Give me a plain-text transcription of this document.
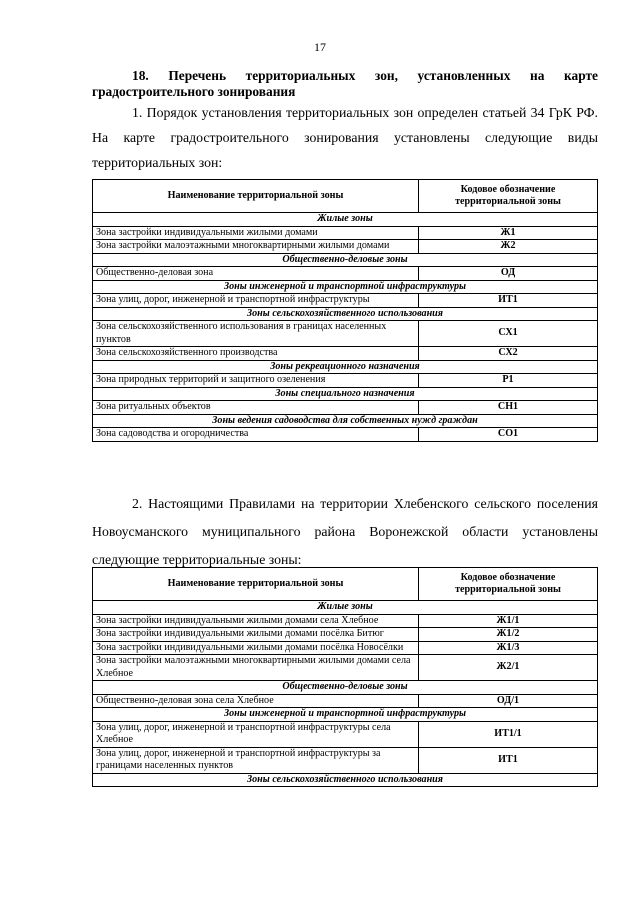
17
18. Перечень территориальных зон, установленных на карте градостроительного зонирования
1. Порядок установления территориальных зон определен статьей 34 ГрК РФ. На карте градостроительного зонирования установлены следующие виды территориальных зон:
Наименование территориальной зоны	Кодовое обозначение территориальной зоны
Жилые зоны	
Зона застройки индивидуальными жилыми домами	Ж1
Зона застройки малоэтажными многоквартирными жилыми домами	Ж2
Общественно-деловые зоны	
Общественно-деловая зона	ОД
Зоны инженерной и транспортной инфраструктуры	
Зона улиц, дорог, инженерной и транспортной инфраструктуры	ИТ1
Зоны сельскохозяйственного использования	
Зона сельскохозяйственного использования в границах населенных пунктов	СХ1
Зона сельскохозяйственного производства	СХ2
Зоны рекреационного назначения	
Зона природных территорий и защитного озеленения	Р1
Зоны специального назначения	
Зона ритуальных объектов	СН1
Зоны ведения садоводства для собственных нужд граждан	
Зона садоводства и огородничества	СО1
2. Настоящими Правилами на территории Хлебенского сельского поселения Новоусманского муниципального района Воронежской области установлены следующие территориальные зоны:
Наименование территориальной зоны	Кодовое обозначение территориальной зоны
Жилые зоны	
Зона застройки индивидуальными жилыми домами села Хлебное	Ж1/1
Зона застройки индивидуальными жилыми домами посёлка Битюг	Ж1/2
Зона застройки индивидуальными жилыми домами посёлка Новосёлки	Ж1/3
Зона застройки малоэтажными многоквартирными жилыми домами села Хлебное	Ж2/1
Общественно-деловые зоны	
Общественно-деловая зона села Хлебное	ОД/1
Зоны инженерной и транспортной инфраструктуры	
Зона улиц, дорог, инженерной и транспортной инфраструктуры села Хлебное	ИТ1/1
Зона улиц, дорог, инженерной и транспортной инфраструктуры за границами населенных пунктов	ИТ1
Зоны сельскохозяйственного использования	
